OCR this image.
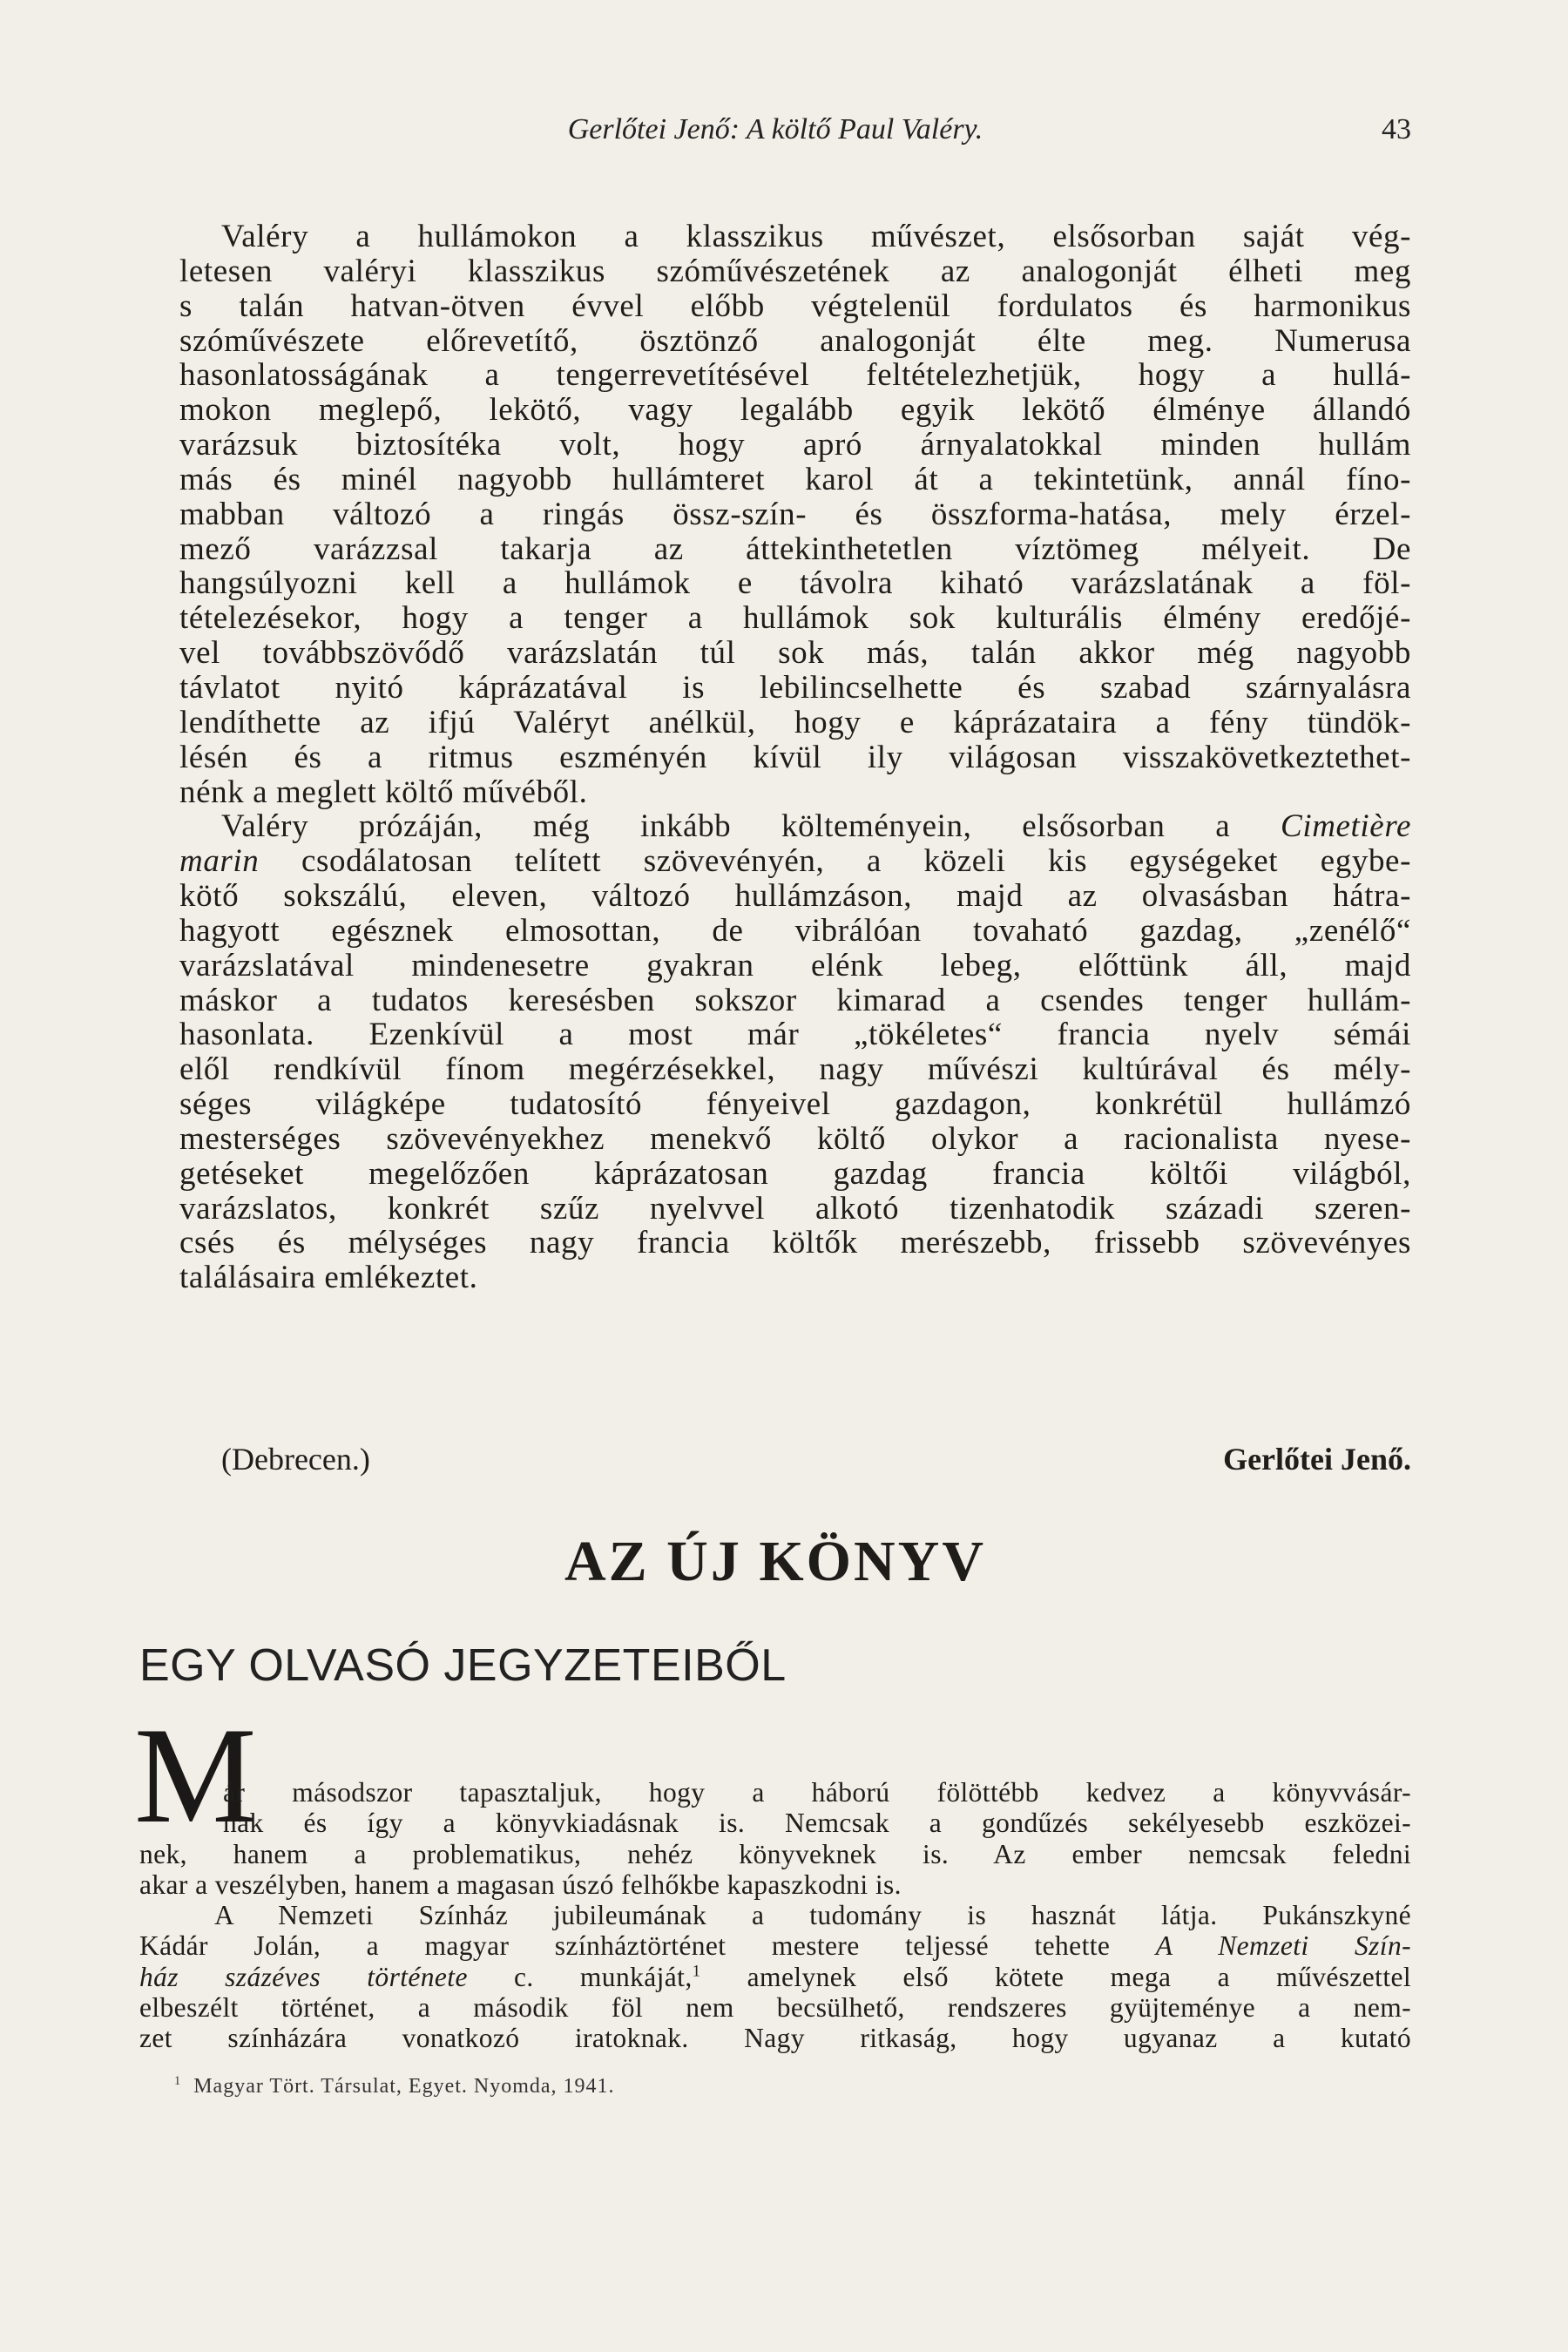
Gerlőtei Jenő: A költő Paul Valéry.	43
Valéry a hullámokon a klasszikus művészet, elsősorban saját vég-
letesen valéryi klasszikus szóművészetének az analogonját élheti meg
s talán hatvan-ötven évvel előbb végtelenül fordulatos és harmonikus
szóművészete előrevetítő, ösztönző analogonját élte meg. Numerusa
hasonlatosságának a tengerrevetítésével feltételezhetjük, hogy a hullá-
mokon meglepő, lekötő, vagy legalább egyik lekötő élménye állandó
varázsuk biztosítéka volt, hogy apró árnyalatokkal minden hullám
más és minél nagyobb hullámteret karol át a tekintetünk, annál fíno-
mabban változó a ringás össz-szín- és összforma-hatása, mely érzel-
mező varázzsal takarja az áttekinthetetlen víztömeg mélyeit. De
hangsúlyozni kell a hullámok e távolra kiható varázslatának a föl-
tételezésekor, hogy a tenger a hullámok sok kulturális élmény eredőjé-
vel továbbszövődő varázslatán túl sok más, talán akkor még nagyobb
távlatot nyitó káprázatával is lebilincselhette és szabad szárnyalásra
lendíthette az ifjú Valéryt anélkül, hogy e káprázataira a fény tündök-
lésén és a ritmus eszményén kívül ily világosan visszakövetkeztethet-
nénk a meglett költő művéből.
Valéry prózáján, még inkább költeményein, elsősorban a Cimetière
marin csodálatosan telített szövevényén, a közeli kis egységeket egybe-
kötő sokszálú, eleven, változó hullámzáson, majd az olvasásban hátra-
hagyott egésznek elmosottan, de vibrálóan tovaható gazdag, „zenélő“
varázslatával mindenesetre gyakran elénk lebeg, előttünk áll, majd
máskor a tudatos keresésben sokszor kimarad a csendes tenger hullám-
hasonlata. Ezenkívül a most már „tökéletes“ francia nyelv sémái
elől rendkívül fínom megérzésekkel, nagy művészi kultúrával és mély-
séges világképe tudatosító fényeivel gazdagon, konkrétül hullámzó
mesterséges szövevényekhez menekvő költő olykor a racionalista nyese-
getéseket megelőzően káprázatosan gazdag francia költői világból,
varázslatos, konkrét szűz nyelvvel alkotó tizenhatodik századi szeren-
csés és mélységes nagy francia költők merészebb, frissebb szövevényes
találásaira emlékeztet.
(Debrecen.)	Gerlőtei Jenő.
AZ ÚJ KÖNYV
EGY OLVASÓ JEGYZETEIBŐL
M
ár másodszor tapasztaljuk, hogy a háború fölöttébb kedvez a könyvvásár-
nak és így a könyvkiadásnak is. Nemcsak a gondűzés sekélyesebb eszközei-
nek, hanem a problematikus, nehéz könyveknek is. Az ember nemcsak feledni
akar a veszélyben, hanem a magasan úszó felhőkbe kapaszkodni is.
A Nemzeti Színház jubileumának a tudomány is hasznát látja. Pukánszkyné
Kádár Jolán, a magyar színháztörténet mestere teljessé tehette A Nemzeti Szín-
ház százéves története c. munkáját,$^1$ amelynek első kötete mega a művészettel
elbeszélt történet, a második föl nem becsülhető, rendszeres gyüjteménye a nem-
zet színházára vonatkozó iratoknak. Nagy ritkaság, hogy ugyanaz a kutató
$^1$ Magyar Tört. Társulat, Egyet. Nyomda, 1941.
